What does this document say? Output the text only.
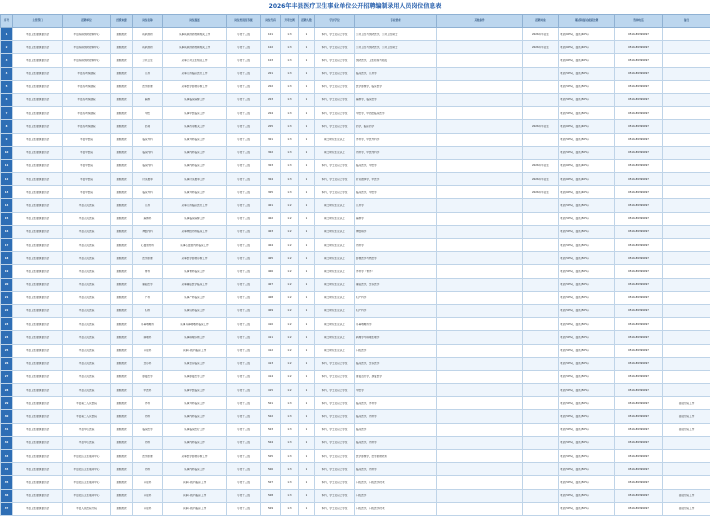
2026年丰县医疗卫生事业单位公开招聘编制录用人员岗位信息表
序号	主管部门	招聘单位	经费来源	岗位名称	岗位描述	岗位类别及等级	岗位代码	开考比例	招聘人数	学历学位	专业要求	其他条件	招聘对象	笔试和面试成绩比例	咨询电话	备注

1	丰县卫生健康委员会	丰县疾病预防控制中心	差额拨款	疾病预防	从事疾病预防控制相关工作	专技十三级	101	1:3	1	本科，学士及以上学位	公共卫生与预防医学，公共卫生硕士		2026年毕业生	笔试(60%)，面试(40%)	0516-89399097	

2	丰县卫生健康委员会	丰县疾病预防控制中心	差额拨款	疾病预防	从事疾病预防控制相关工作	专技十三级	102	1:3	1	本科，学士及以上学位	公共卫生与预防医学，公共卫生硕士		2026年毕业生	笔试(60%)，面试(40%)	0516-89399097	

3	丰县卫生健康委员会	丰县疾病预防控制中心	差额拨款	公共卫生	从事公共卫生相关工作	专技十三级	103	1:3	1	本科，学士及以上学位	预防医学，卫生检验与检疫			笔试(60%)，面试(40%)	0516-89399097	

4	丰县卫生健康委员会	丰县妇幼保健院	差额拨款	儿科	从事儿科临床医疗工作	专技十三级	201	1:3	1	本科，学士及以上学位	临床医学，儿科学			笔试(50%)，面试(50%)	0516-89399097	

5	丰县卫生健康委员会	丰县妇幼保健院	差额拨款	医学影像	从事医学影像诊断工作	专技十三级	202	1:3	1	本科，学士及以上学位	医学影像学，临床医学			笔试(50%)，面试(50%)	0516-89399097	

6	丰县卫生健康委员会	丰县妇幼保健院	差额拨款	麻醉	从事临床麻醉工作	专技十三级	203	1:3	1	本科，学士及以上学位	麻醉学，临床医学			笔试(50%)，面试(50%)	0516-89399097	

7	丰县卫生健康委员会	丰县妇幼保健院	差额拨款	中医	从事中医临床工作	专技十三级	204	1:3	1	本科，学士及以上学位	中医学，中西医临床医学			笔试(50%)，面试(50%)	0516-89399097	

8	丰县卫生健康委员会	丰县妇幼保健院	差额拨款	药剂	从事药剂相关工作	专技十三级	205	1:3	1	本科，学士及以上学位	药学，临床药学		2026年毕业生	笔试(60%)，面试(40%)	0516-89399097	

9	丰县卫生健康委员会	丰县中医院	差额拨款	临床外科	从事外科临床工作	专技十三级	301	1:3	1	硕士研究生及以上	外科学，中医外科学			笔试(50%)，面试(50%)	0516-89399097	

10	丰县卫生健康委员会	丰县中医院	差额拨款	临床内科	从事内科临床工作	专技十三级	302	1:3	1	硕士研究生及以上	内科学，中医内科学			笔试(50%)，面试(50%)	0516-89399097	

11	丰县卫生健康委员会	丰县中医院	差额拨款	临床内科	从事内科临床工作	专技十三级	303	1:3	1	本科，学士及以上学位	临床医学，中医学		2026年毕业生	笔试(60%)，面试(40%)	0516-89399097	

12	丰县卫生健康委员会	丰县中医院	差额拨款	针灸推拿	从事针灸推拿工作	专技十三级	304	1:3	1	本科，学士及以上学位	针灸推拿学，中医学		2026年毕业生	笔试(60%)，面试(40%)	0516-89399097	

13	丰县卫生健康委员会	丰县中医院	差额拨款	临床外科	从事外科临床工作	专技十三级	305	1:3	1	本科，学士及以上学位	临床医学，中医学		2026年毕业生	笔试(60%)，面试(40%)	0516-89399097	

14	丰县卫生健康委员会	丰县人民医院	差额拨款	儿科	从事儿科临床医疗工作	专技十三级	401	1:2	1	硕士研究生及以上	儿科学			笔试(50%)，面试(50%)	0516-89399097	

15	丰县卫生健康委员会	丰县人民医院	差额拨款	麻醉科	从事临床麻醉工作	专技十三级	402	1:2	1	硕士研究生及以上	麻醉学			笔试(50%)，面试(50%)	0516-89399097	

16	丰县卫生健康委员会	丰县人民医院	差额拨款	神经内科	从事神经内科临床工作	专技十三级	403	1:2	1	硕士研究生及以上	神经病学			笔试(50%)，面试(50%)	0516-89399097	

17	丰县卫生健康委员会	丰县人民医院	差额拨款	心血管内科	从事心血管内科临床工作	专技十三级	404	1:2	1	硕士研究生及以上	内科学			笔试(50%)，面试(50%)	0516-89399097	

18	丰县卫生健康委员会	丰县人民医院	差额拨款	医学影像	从事医学影像诊断工作	专技十三级	405	1:2	1	硕士研究生及以上	影像医学与核医学			笔试(50%)，面试(50%)	0516-89399097	

19	丰县卫生健康委员会	丰县人民医院	差额拨款	骨科	从事骨科临床工作	专技十三级	406	1:2	1	硕士研究生及以上	外科学（骨外）			笔试(50%)，面试(50%)	0516-89399097	

20	丰县卫生健康委员会	丰县人民医院	差额拨款	重症医学	从事重症医学临床工作	专技十三级	407	1:2	1	硕士研究生及以上	重症医学，急诊医学			笔试(50%)，面试(50%)	0516-89399097	

21	丰县卫生健康委员会	丰县人民医院	差额拨款	产科	从事产科临床工作	专技十三级	408	1:2	1	硕士研究生及以上	妇产科学			笔试(50%)，面试(50%)	0516-89399097	

22	丰县卫生健康委员会	丰县人民医院	差额拨款	妇科	从事妇科临床工作	专技十三级	409	1:2	1	硕士研究生及以上	妇产科学			笔试(50%)，面试(50%)	0516-89399097	

23	丰县卫生健康委员会	丰县人民医院	差额拨款	耳鼻咽喉科	从事耳鼻咽喉科临床工作	专技十三级	410	1:2	1	硕士研究生及以上	耳鼻咽喉科学			笔试(50%)，面试(50%)	0516-89399097	

24	丰县卫生健康委员会	丰县人民医院	差额拨款	病理科	从事病理诊断工作	专技十三级	411	1:2	1	硕士研究生及以上	病理学与病理生理学			笔试(50%)，面试(50%)	0516-89399097	

25	丰县卫生健康委员会	丰县人民医院	差额拨款	口腔科	从事口腔科临床工作	专技十三级	412	1:2	1	硕士研究生及以上	口腔医学			笔试(50%)，面试(50%)	0516-89399097	

26	丰县卫生健康委员会	丰县人民医院	差额拨款	急诊科	从事急诊临床工作	专技十三级	413	1:2	1	本科，学士及以上学位	临床医学，急诊医学			笔试(50%)，面试(50%)	0516-89399097	

27	丰县卫生健康委员会	丰县人民医院	差额拨款	康复医学	从事康复医学工作	专技十三级	414	1:2	1	本科，学士及以上学位	康复治疗学，康复医学			笔试(50%)，面试(50%)	0516-89399097	

28	丰县卫生健康委员会	丰县人民医院	差额拨款	中医科	从事中医临床工作	专技十三级	415	1:2	1	本科，学士及以上学位	中医学			笔试(50%)，面试(50%)	0516-89399097	

29	丰县卫生健康委员会	丰县第二人民医院	差额拨款	外科	从事外科临床工作	专技十三级	501	1:3	1	本科，学士及以上学位	临床医学，外科学			笔试(50%)，面试(50%)	0516-89399097	派驻分院工作

30	丰县卫生健康委员会	丰县第二人民医院	差额拨款	内科	从事内科临床工作	专技十三级	502	1:3	1	本科，学士及以上学位	临床医学，内科学			笔试(50%)，面试(50%)	0516-89399097	派驻分院工作

31	丰县卫生健康委员会	丰县中心医院	差额拨款	临床医学	从事临床医疗工作	专技十三级	503	1:3	1	本科，学士及以上学位	临床医学			笔试(50%)，面试(50%)	0516-89399097	派驻分院工作

32	丰县卫生健康委员会	丰县中心医院	差额拨款	内科	从事内科临床工作	专技十三级	504	1:3	1	本科，学士及以上学位	临床医学，内科学			笔试(50%)，面试(50%)	0516-89399097	

33	丰县卫生健康委员会	丰县社区卫生服务中心	差额拨款	医学影像	从事医学影像诊断工作	专技十三级	505	1:3	1	本科，学士及以上学位	医学影像学，医学影像技术			笔试(50%)，面试(50%)	0516-89399097	

34	丰县卫生健康委员会	丰县社区卫生服务中心	差额拨款	内科	从事内科临床工作	专技十三级	506	1:3	1	本科，学士及以上学位	临床医学，内科学			笔试(50%)，面试(50%)	0516-89399097	

35	丰县卫生健康委员会	丰县社区卫生服务中心	差额拨款	口腔科	从事口腔科临床工作	专技十三级	507	1:3	1	本科，学士及以上学位	口腔医学，口腔医学技术			笔试(50%)，面试(50%)	0516-89399097	

36	丰县卫生健康委员会	丰县社区卫生服务中心	差额拨款	口腔科	从事口腔科临床工作	专技十三级	508	1:3	1	本科，学士及以上学位	口腔医学			笔试(50%)，面试(50%)	0516-89399097	派驻分院工作

37	丰县卫生健康委员会	丰县人民医院分院	差额拨款	口腔科	从事口腔科临床工作	专技十三级	509	1:3	1	本科，学士及以上学位	口腔医学，口腔医学技术			笔试(50%)，面试(50%)	0516-89399097	派驻分院工作
